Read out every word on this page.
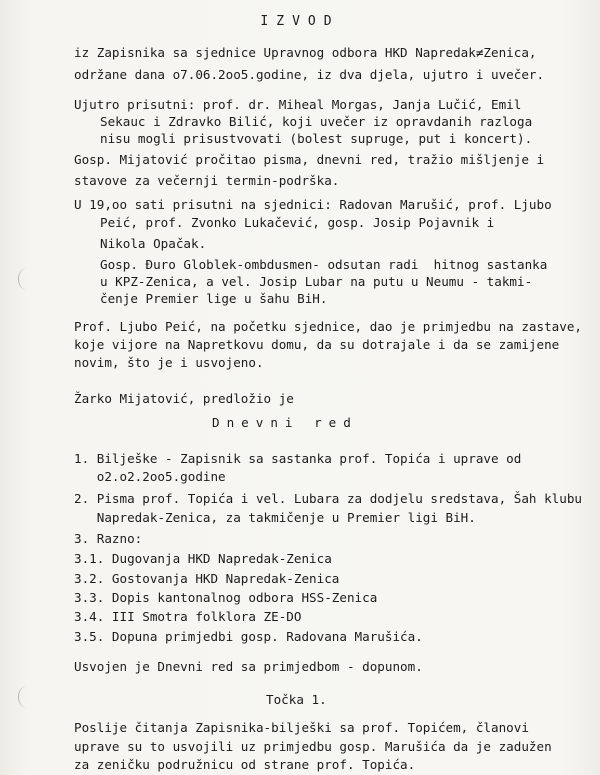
IZVOD
iz Zapisnika sa sjednice Upravnog odbora HKD Napredak≠Zenica,
održane dana o7.06.2oo5.godine, iz dva djela, ujutro i uvečer.
Ujutro prisutni: prof. dr. Miheal Morgas, Janja Lučić, Emil
Sekauc i Zdravko Bilić, koji uvečer iz opravdanih razloga
nisu mogli prisustvovati (bolest supruge, put i koncert).
Gosp. Mijatović pročitao pisma, dnevni red, tražio mišljenje i
stavove za večernji termin-podrška.
U 19,oo sati prisutni na sjednici: Radovan Marušić, prof. Ljubo
Peić, prof. Zvonko Lukačević, gosp. Josip Pojavnik i
Nikola Opačak.
Gosp. Đuro Globlek-ombdusmen- odsutan radi  hitnog sastanka
u KPZ-Zenica, a vel. Josip Lubar na putu u Neumu - takmi-
čenje Premier lige u šahu BiH.
Prof. Ljubo Peić, na početku sjednice, dao je primjedbu na zastave,
koje vijore na Napretkovu domu, da su dotrajale i da se zamijene
novim, što je i usvojeno.
Žarko Mijatović, predložio je
Dnevni red
1. Bilješke - Zapisnik sa sastanka prof. Topića i uprave od
o2.o2.2oo5.godine
2. Pisma prof. Topića i vel. Lubara za dodjelu sredstava, Šah klubu
Napredak-Zenica, za takmičenje u Premier ligi BiH.
3. Razno:
3.1. Dugovanja HKD Napredak-Zenica
3.2. Gostovanja HKD Napredak-Zenica
3.3. Dopis kantonalnog odbora HSS-Zenica
3.4. III Smotra folklora ZE-DO
3.5. Dopuna primjedbi gosp. Radovana Marušića.
Usvojen je Dnevni red sa primjedbom - dopunom.
Točka 1.
Poslije čitanja Zapisnika-bilješki sa prof. Topićem, članovi
uprave su to usvojili uz primjedbu gosp. Marušića da je zadužen
za zeničku podružnicu od strane prof. Topića.
